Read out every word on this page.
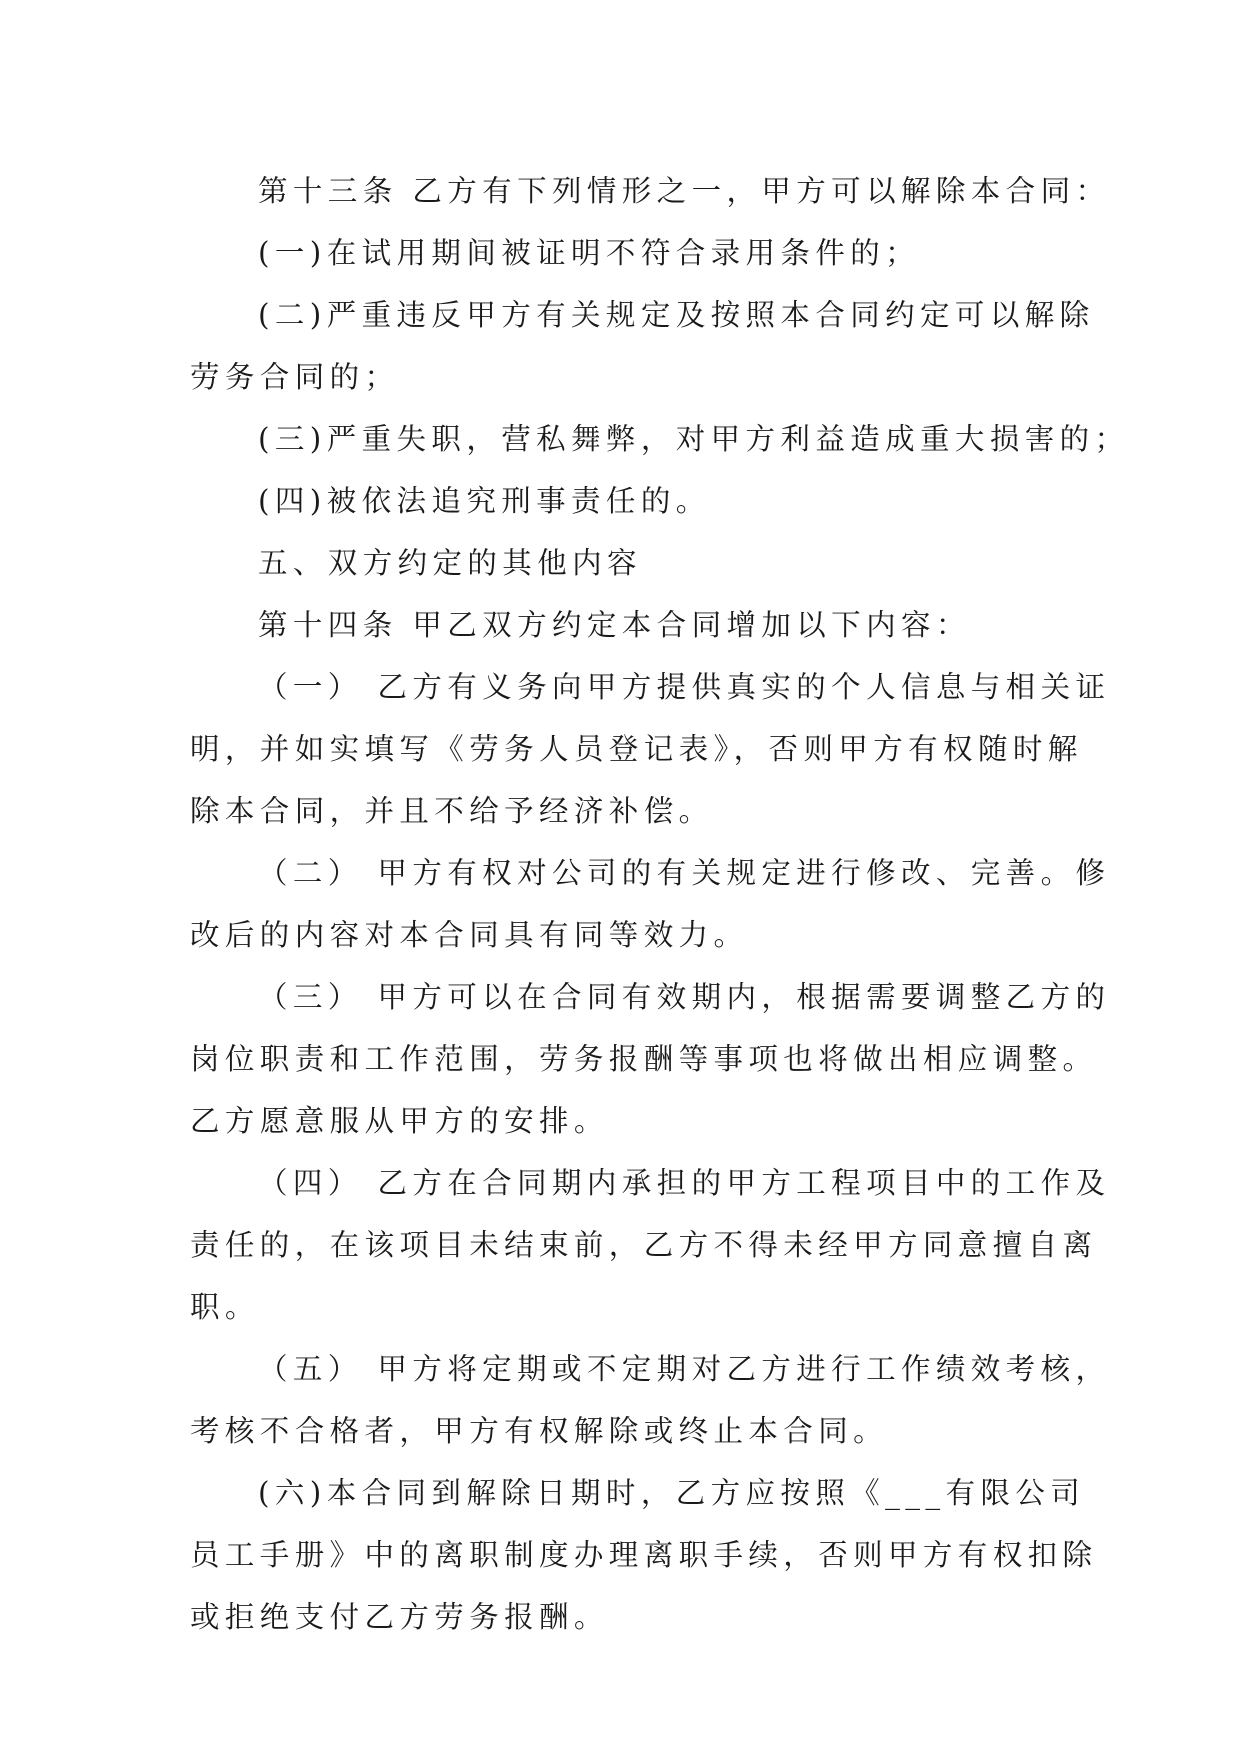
第十三条 乙方有下列情形之一，甲方可以解除本合同：

(一)在试用期间被证明不符合录用条件的；

(二)严重违反甲方有关规定及按照本合同约定可以解除
劳务合同的；

(三)严重失职，营私舞弊，对甲方利益造成重大损害的；

(四)被依法追究刑事责任的。

五、双方约定的其他内容

第十四条 甲乙双方约定本合同增加以下内容：

（一） 乙方有义务向甲方提供真实的个人信息与相关证
明，并如实填写《劳务人员登记表》，否则甲方有权随时解
除本合同，并且不给予经济补偿。

（二） 甲方有权对公司的有关规定进行修改、完善。修
改后的内容对本合同具有同等效力。

（三） 甲方可以在合同有效期内，根据需要调整乙方的
岗位职责和工作范围，劳务报酬等事项也将做出相应调整。
乙方愿意服从甲方的安排。

（四） 乙方在合同期内承担的甲方工程项目中的工作及
责任的，在该项目未结束前，乙方不得未经甲方同意擅自离
职。

（五） 甲方将定期或不定期对乙方进行工作绩效考核，
考核不合格者，甲方有权解除或终止本合同。

(六)本合同到解除日期时，乙方应按照《___有限公司
员工手册》中的离职制度办理离职手续，否则甲方有权扣除
或拒绝支付乙方劳务报酬。
